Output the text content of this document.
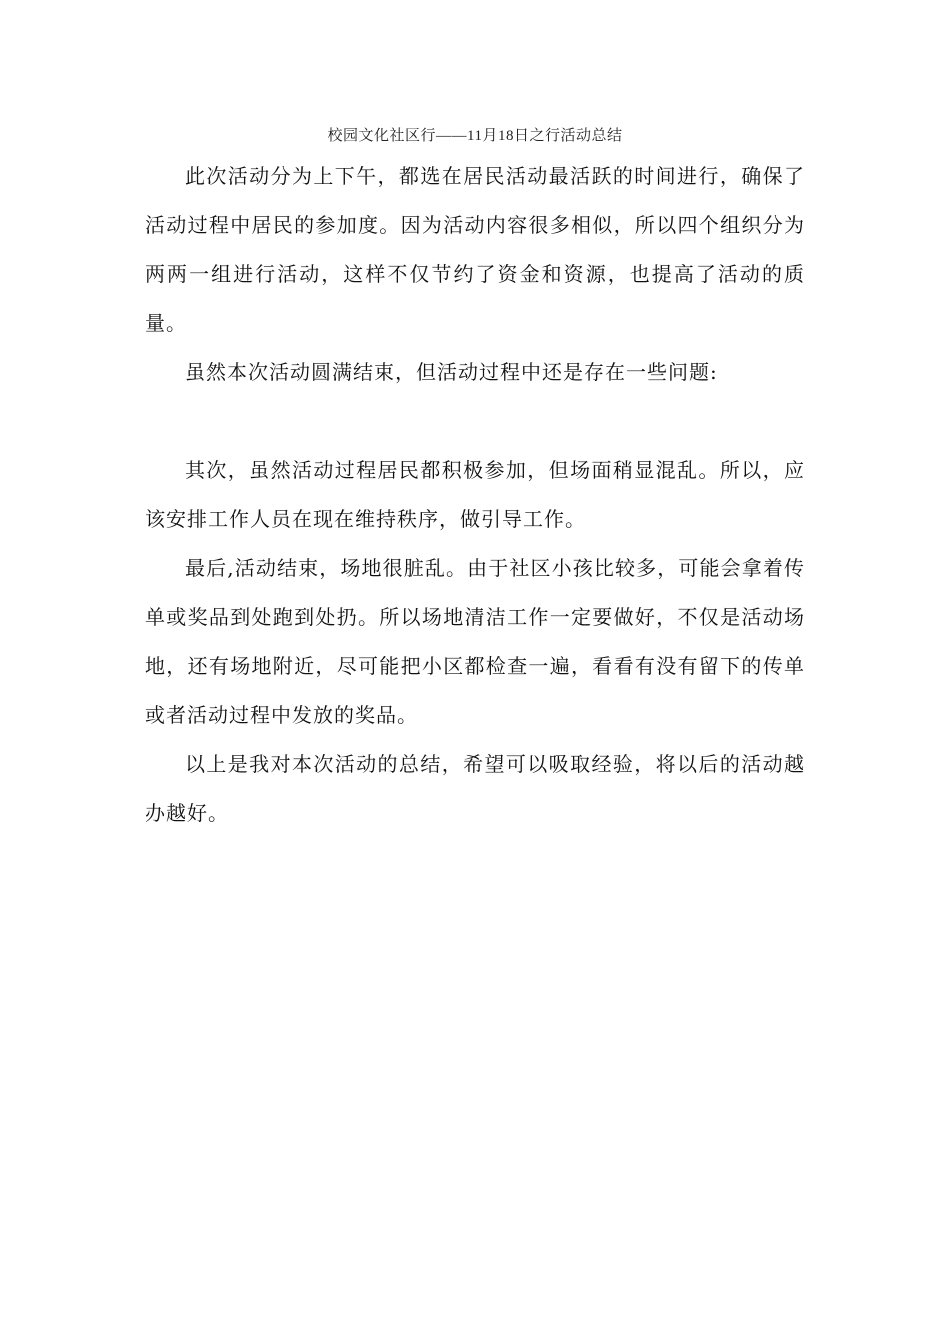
校园文化社区行——11月18日之行活动总结

此次活动分为上下午，都选在居民活动最活跃的时间进行，确保了活动过程中居民的参加度。因为活动内容很多相似，所以四个组织分为两两一组进行活动，这样不仅节约了资金和资源，也提高了活动的质量。

虽然本次活动圆满结束，但活动过程中还是存在一些问题:

其次，虽然活动过程居民都积极参加，但场面稍显混乱。所以，应该安排工作人员在现在维持秩序，做引导工作。

最后,活动结束，场地很脏乱。由于社区小孩比较多，可能会拿着传单或奖品到处跑到处扔。所以场地清洁工作一定要做好，不仅是活动场地，还有场地附近，尽可能把小区都检查一遍，看看有没有留下的传单或者活动过程中发放的奖品。

以上是我对本次活动的总结，希望可以吸取经验，将以后的活动越办越好。
